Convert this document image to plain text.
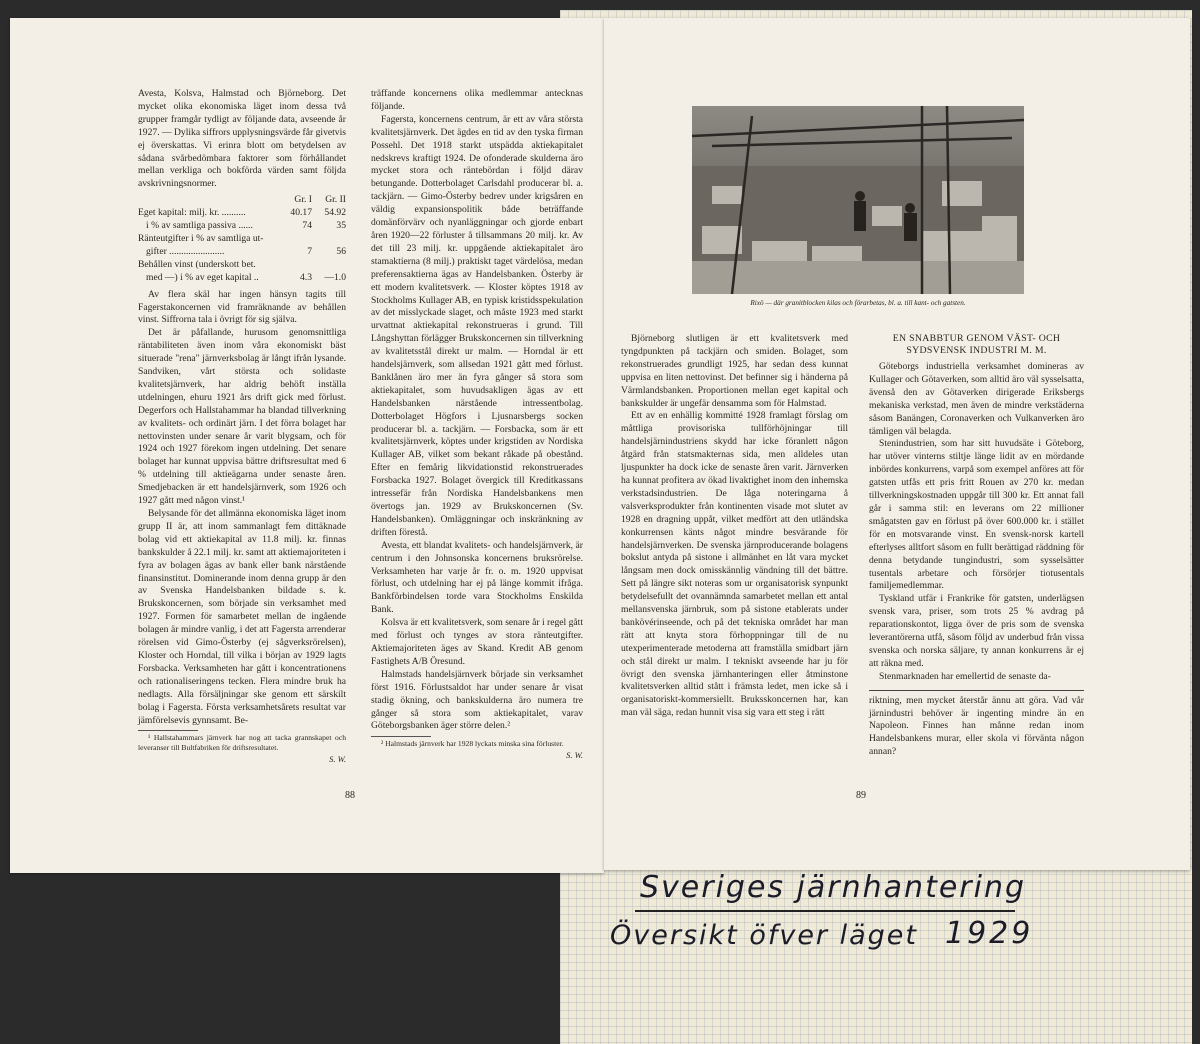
Avesta, Kolsva, Halmstad och Björneborg. Det mycket olika ekonomiska läget inom dessa två grupper framgår tydligt av följande data, avseende år 1927. — Dylika siffrors upplysningsvärde får givetvis ej överskattas. Vi erinra blott om betydelsen av sådana svårbedömbara faktorer som förhållandet mellan verkliga och bokförda värden samt följda avskrivningsnormer.

Gr. I	Gr. II
Eget kapital: milj. kr. ..........	40.17	54.92
i % av samtliga passiva ......	74	35
Ränteutgifter i % av samtliga ut-
gifter .......................	7	56
Behållen vinst (underskott bet.
med —) i % av eget kapital ..	4.3	—1.0

Av flera skäl har ingen hänsyn tagits till Fagerstakoncernen vid framräknande av behållen vinst. Siffrorna tala i övrigt för sig själva.

Det är påfallande, hurusom genomsnittliga räntabiliteten även inom våra ekonomiskt bäst situerade "rena" järnverksbolag är långt ifrån lysande. Sandviken, vårt största och solidaste kvalitetsjärnverk, har aldrig behöft inställa utdelningen, ehuru 1921 års drift gick med förlust. Degerfors och Hallstahammar ha blandad tillverkning av kvalitets- och ordinärt järn. I det förra bolaget har nettovinsten under senare år varit blygsam, och för 1924 och 1927 förekom ingen utdelning. Det senare bolaget har kunnat uppvisa bättre driftsresultat med 6 % utdelning till aktieägarna under senaste åren. Smedjebacken är ett handelsjärnverk, som 1926 och 1927 gått med någon vinst.¹

Belysande för det allmänna ekonomiska läget inom grupp II är, att inom sammanlagt fem dittäknade bolag vid ett aktiekapital av 11.8 milj. kr. finnas bankskulder å 22.1 milj. kr. samt att aktiemajoriteten i fyra av bolagen ägas av bank eller bank närstående finansinstitut. Dominerande inom denna grupp är den av Svenska Handelsbanken bildade s. k. Brukskoncernen, som började sin verksamhet med 1927. Formen för samarbetet mellan de ingående bolagen är mindre vanlig, i det att Fagersta arrenderar rörelsen vid Gimo-Österby (ej sågverksrörelsen), Kloster och Horndal, till vilka i början av 1929 lagts Forsbacka. Verksamheten har gått i koncentrationens och rationaliseringens tecken. Flera mindre bruk ha nedlagts. Alla försäljningar ske genom ett särskilt bolag i Fagersta. Första verksamhetsårets resultat var jämförelsevis gynnsamt. Be-

¹ Hallstahammars järnverk har nog att tacka grannskapet och leveranser till Bultfabriken för driftsresultatet.

S. W.

träffande koncernens olika medlemmar antecknas följande.

Fagersta, koncernens centrum, är ett av våra största kvalitetsjärnverk. Det ägdes en tid av den tyska firman Possehl. Det 1918 starkt utspädda aktiekapitalet nedskrevs kraftigt 1924. De ofonderade skulderna äro mycket stora och räntebördan i följd därav betungande. Dotterbolaget Carlsdahl producerar bl. a. tackjärn. — Gimo-Österby bedrev under krigsåren en väldig expansionspolitik både beträffande domänförvärv och nyanläggningar och gjorde enbart åren 1920—22 förluster å tillsammans 20 milj. kr. Av det till 23 milj. kr. uppgående aktiekapitalet äro stamaktierna (8 milj.) praktiskt taget värdelösa, medan preferensaktierna ägas av Handelsbanken. Österby är ett modern kvalitetsverk. — Kloster köptes 1918 av Stockholms Kullager AB, en typisk kristidsspekulation av det misslyckade slaget, och måste 1923 med starkt urvattnat aktiekapital rekonstrueras i grund. Till Långshyttan förlägger Brukskoncernen sin tillverkning av kvalitetsstål direkt ur malm. — Horndal är ett handelsjärnverk, som allsedan 1921 gått med förlust. Banklånen äro mer än fyra gånger så stora som aktiekapitalet, som huvudsakligen ägas av ett Handelsbanken närstående intressentbolag. Dotterbolaget Högfors i Ljusnarsbergs socken producerar bl. a. tackjärn. — Forsbacka, som är ett kvalitetsjärnverk, köptes under krigstiden av Nordiska Kullager AB, vilket som bekant råkade på obestånd. Efter en femårig likvidationstid rekonstruerades Forsbacka 1927. Bolaget övergick till Kreditkassans intressefär från Nordiska Handelsbankens men övertogs jan. 1929 av Brukskoncernen (Sv. Handelsbanken). Omläggningar och inskränkning av driften förestå.

Avesta, ett blandat kvalitets- och handelsjärnverk, är centrum i den Johnsonska koncernens bruksrörelse. Verksamheten har varje år fr. o. m. 1920 uppvisat förlust, och utdelning har ej på länge kommit ifråga. Bankförbindelsen torde vara Stockholms Enskilda Bank.

Kolsva är ett kvalitetsverk, som senare år i regel gått med förlust och tynges av stora ränteutgifter. Aktiemajoriteten äges av Skand. Kredit AB genom Fastighets A/B Öresund.

Halmstads handelsjärnverk började sin verksamhet först 1916. Förlustsaldot har under senare år visat stadig ökning, och bankskulderna äro numera tre gånger så stora som aktiekapitalet, varav Göteborgsbanken äger större delen.²

² Halmstads järnverk har 1928 lyckats minska sina förluster.

S. W.
88
Rixö — där granitblocken kilas och förarbetas, bl. a. till kant- och gatsten.

Björneborg slutligen är ett kvalitetsverk med tyngdpunkten på tackjärn och smiden. Bolaget, som rekonstruerades grundligt 1925, har sedan dess kunnat uppvisa en liten nettovinst. Det befinner sig i händerna på Värmlandsbanken. Proportionen mellan eget kapital och bankskulder är ungefär densamma som för Halmstad.

Ett av en enhällig kommitté 1928 framlagt förslag om måttliga provisoriska tullförhöjningar till handelsjärnindustriens skydd har icke föranlett någon åtgärd från statsmakternas sida, men alldeles utan ljuspunkter ha dock icke de senaste åren varit. Järnverken ha kunnat profitera av ökad livaktighet inom den inhemska verkstadsindustrien. De låga noteringarna å valsverksprodukter från kontinenten visade mot slutet av 1928 en dragning uppåt, vilket medfört att den utländska konkurrensen känts något mindre besvärande för handelsjärnverken. De svenska järnproducerande bolagens bokslut antyda på sistone i allmänhet en låt vara mycket långsam men dock omisskännlig vändning till det bättre. Sett på längre sikt noteras som ur organisatorisk synpunkt betydelsefullt det ovannämnda samarbetet mellan ett antal mellansvenska järnbruk, som på sistone etablerats under bankövérinseende, och på det tekniska området har man rätt att knyta stora förhoppningar till de nu utexperimenterade metoderna att framställa smidbart järn och stål direkt ur malm. I tekniskt avseende har ju för övrigt den svenska järnhanteringen eller åtminstone kvalitetsverken alltid stått i främsta ledet, men icke så i organisatoriskt-kommersiellt. Bruksskoncernen har, kan man väl säga, redan hunnit visa sig vara ett steg i rätt

EN SNABBTUR GENOM VÄST- OCH SYDSVENSK INDUSTRI M. M.

Göteborgs industriella verksamhet domineras av Kullager och Götaverken, som alltid äro väl sysselsatta, ävenså den av Götaverken dirigerade Eriksbergs mekaniska verkstad, men även de mindre verkstäderna såsom Banängen, Coronaverken och Vulkanverken äro tämligen väl belagda.

Stenindustrien, som har sitt huvudsäte i Göteborg, har utöver vinterns stiltje länge lidit av en mördande inbördes konkurrens, varpå som exempel anföres att för gatsten utfås ett pris fritt Rouen av 270 kr. medan tillverkningskostnaden uppgår till 300 kr. Ett annat fall går i samma stil: en leverans om 22 millioner smågatsten gav en förlust på över 600.000 kr. i stället för en motsvarande vinst. En svensk-norsk kartell efterlyses alltfort såsom en fullt berättigad räddning för denna betydande tungindustri, som sysselsätter tusentals arbetare och försörjer tiotusentals familjemedlemmar.

Tyskland utfär i Frankrike för gatsten, underlägsen svensk vara, priser, som trots 25 % avdrag på reparationskontot, ligga över de pris som de svenska leverantörerna utfå, såsom följd av underbud från vissa svenska och norska säljare, ty annan konkurrens är ej att räkna med.

Stenmarknaden har emellertid de senaste da-

riktning, men mycket återstår ännu att göra. Vad vår järnindustri behöver är ingenting mindre än en Napoleon. Finnes han månne redan inom Handelsbankens murar, eller skola vi förvänta någon annan?

89
Sveriges järnhantering
Översikt öfver läget 1929
